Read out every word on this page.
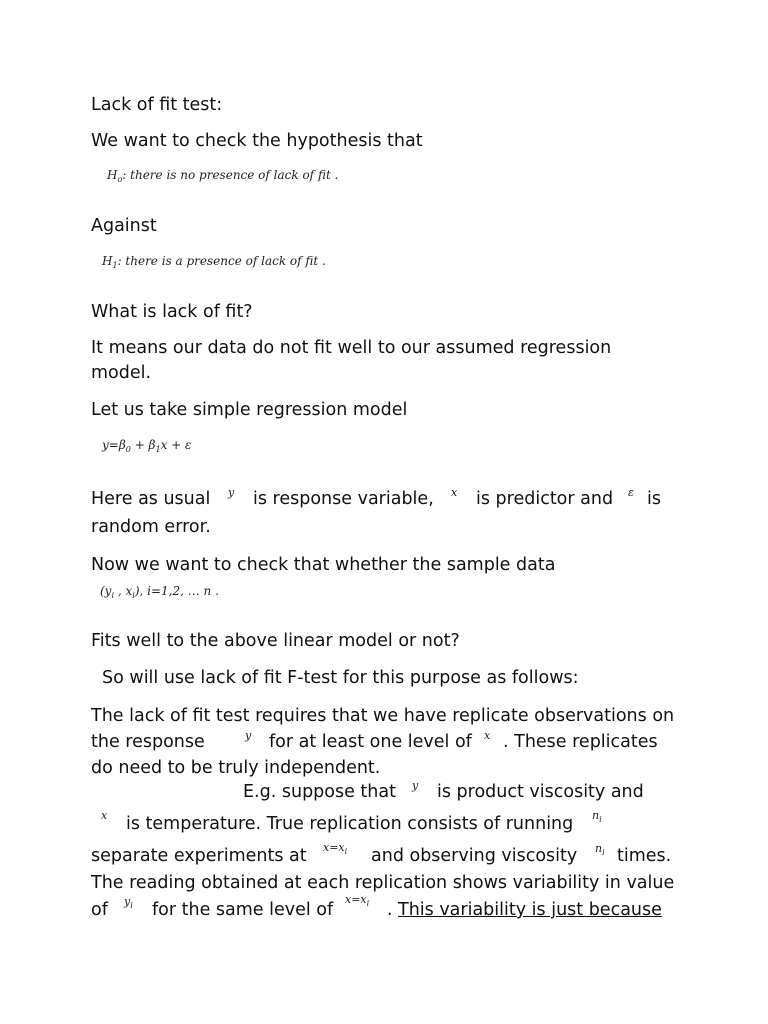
Lack of fit test:
We want to check the hypothesis that
$H_o$: there is no presence of lack of fit .
Against
$H_1$: there is a presence of lack of fit .
What is lack of fit?
It means our data do not fit well to our assumed regression
model.
Let us take simple regression model
$y=\beta_0 + \beta_1x + \varepsilon$
Here as usual y is response variable, x is predictor and ε is
random error.
Now we want to check that whether the sample data
($y_i$ , $x_i$), i=1,2, … n .
Fits well to the above linear model or not?
So will use lack of fit F-test for this purpose as follows:
The lack of fit test requires that we have replicate observations on
the response	y for at least one level of x . These replicates
do need to be truly independent.
E.g. suppose that y is product viscosity and
x is temperature. True replication consists of running $n_i$
separate experiments at $x=x_i$ and observing viscosity $n_i$ times.
The reading obtained at each replication shows variability in value
of $y_i$ for the same level of
$x=x_i$ . This variability is just because
